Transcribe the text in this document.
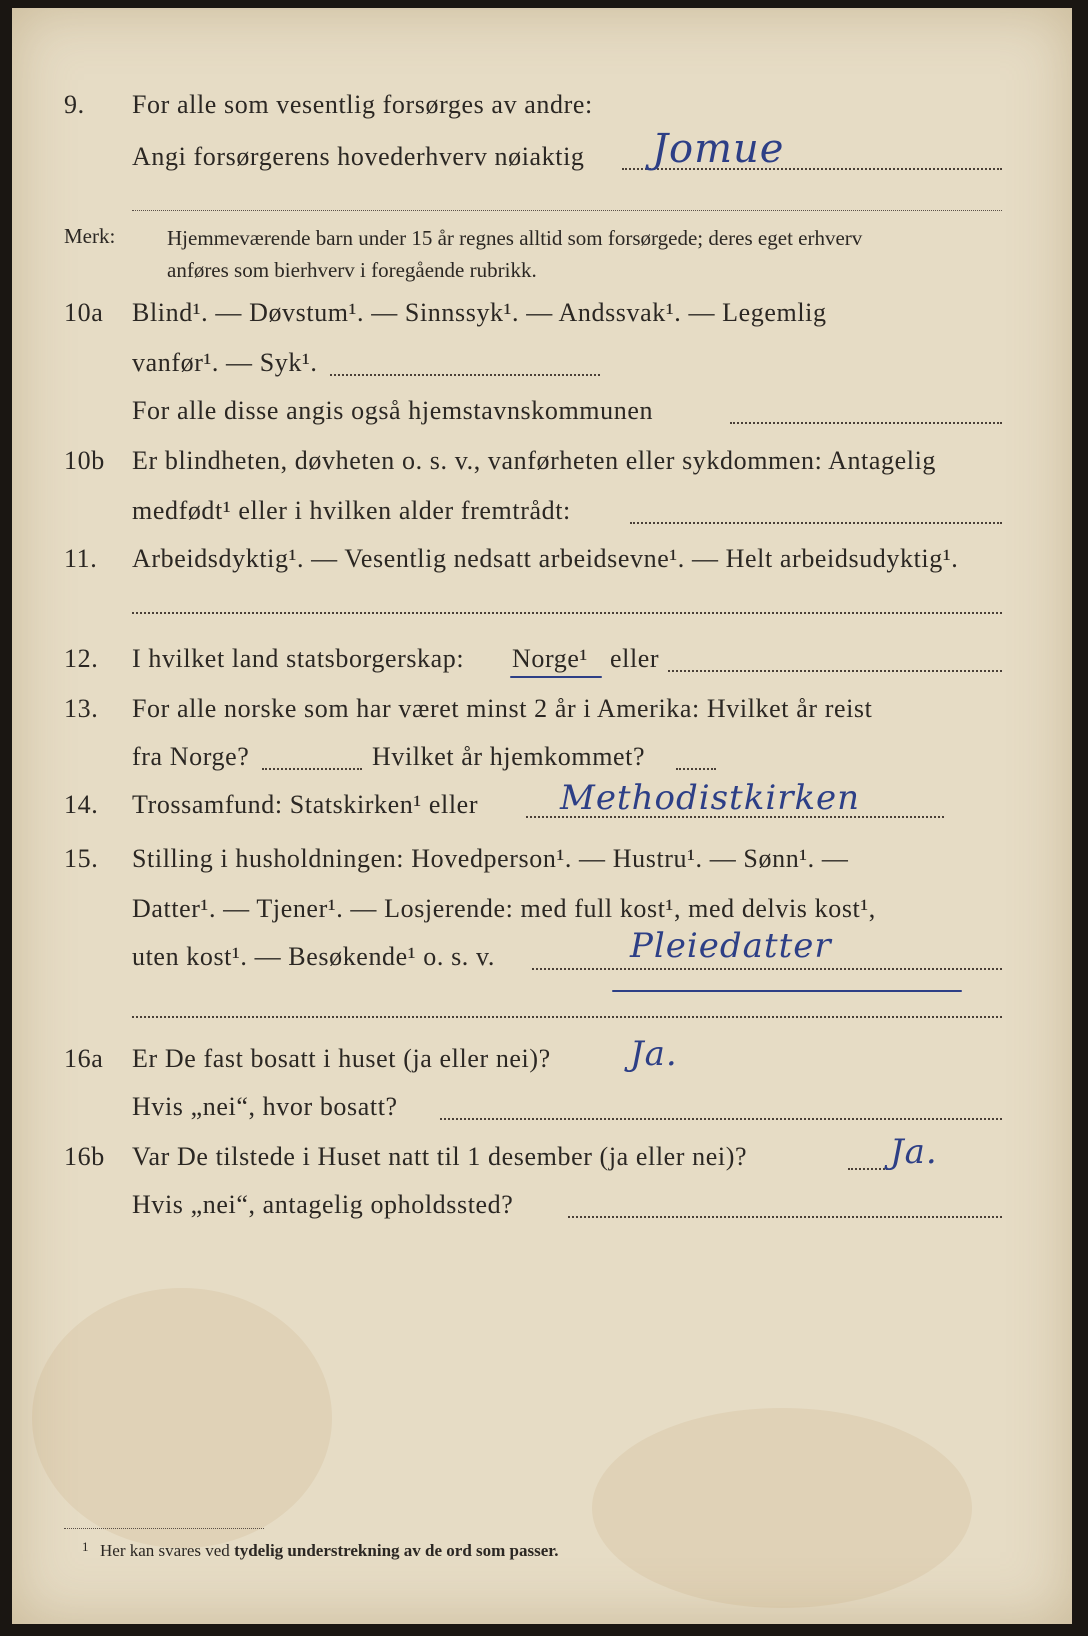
9. For alle som vesentlig forsørges av andre:
Angi forsørgerens hovederhverv nøiaktig Jomue
Merk: Hjemmeværende barn under 15 år regnes alltid som forsørgede; deres eget erhverv
anføres som bierhverv i foregående rubrikk.
10a Blind¹. — Døvstum¹. — Sinnssyk¹. — Andssvak¹. — Legemlig
vanfør¹. — Syk¹.
For alle disse angis også hjemstavnskommunen
10b Er blindheten, døvheten o. s. v., vanførheten eller sykdommen: Antagelig
medfødt¹ eller i hvilken alder fremtrådt:
11. Arbeidsdyktig¹. — Vesentlig nedsatt arbeidsevne¹. — Helt arbeidsudyktig¹.
12. I hvilket land statsborgerskap: Norge¹ eller
13. For alle norske som har været minst 2 år i Amerika: Hvilket år reist
fra Norge?	Hvilket år hjemkommet?
14. Trossamfund: Statskirken¹ eller Methodistkirken
15. Stilling i husholdningen: Hovedperson¹. — Hustru¹. — Sønn¹. —
Datter¹. — Tjener¹. — Losjerende: med full kost¹, med delvis kost¹,
uten kost¹. — Besøkende¹ o. s. v.	Pleiedatter
16a Er De fast bosatt i huset (ja eller nei)? Ja.
Hvis „nei“, hvor bosatt?
16b Var De tilstede i Huset natt til 1 desember (ja eller nei)?	Ja.
Hvis „nei“, antagelig opholdssted?
1 Her kan svares ved tydelig understrekning av de ord som passer.
